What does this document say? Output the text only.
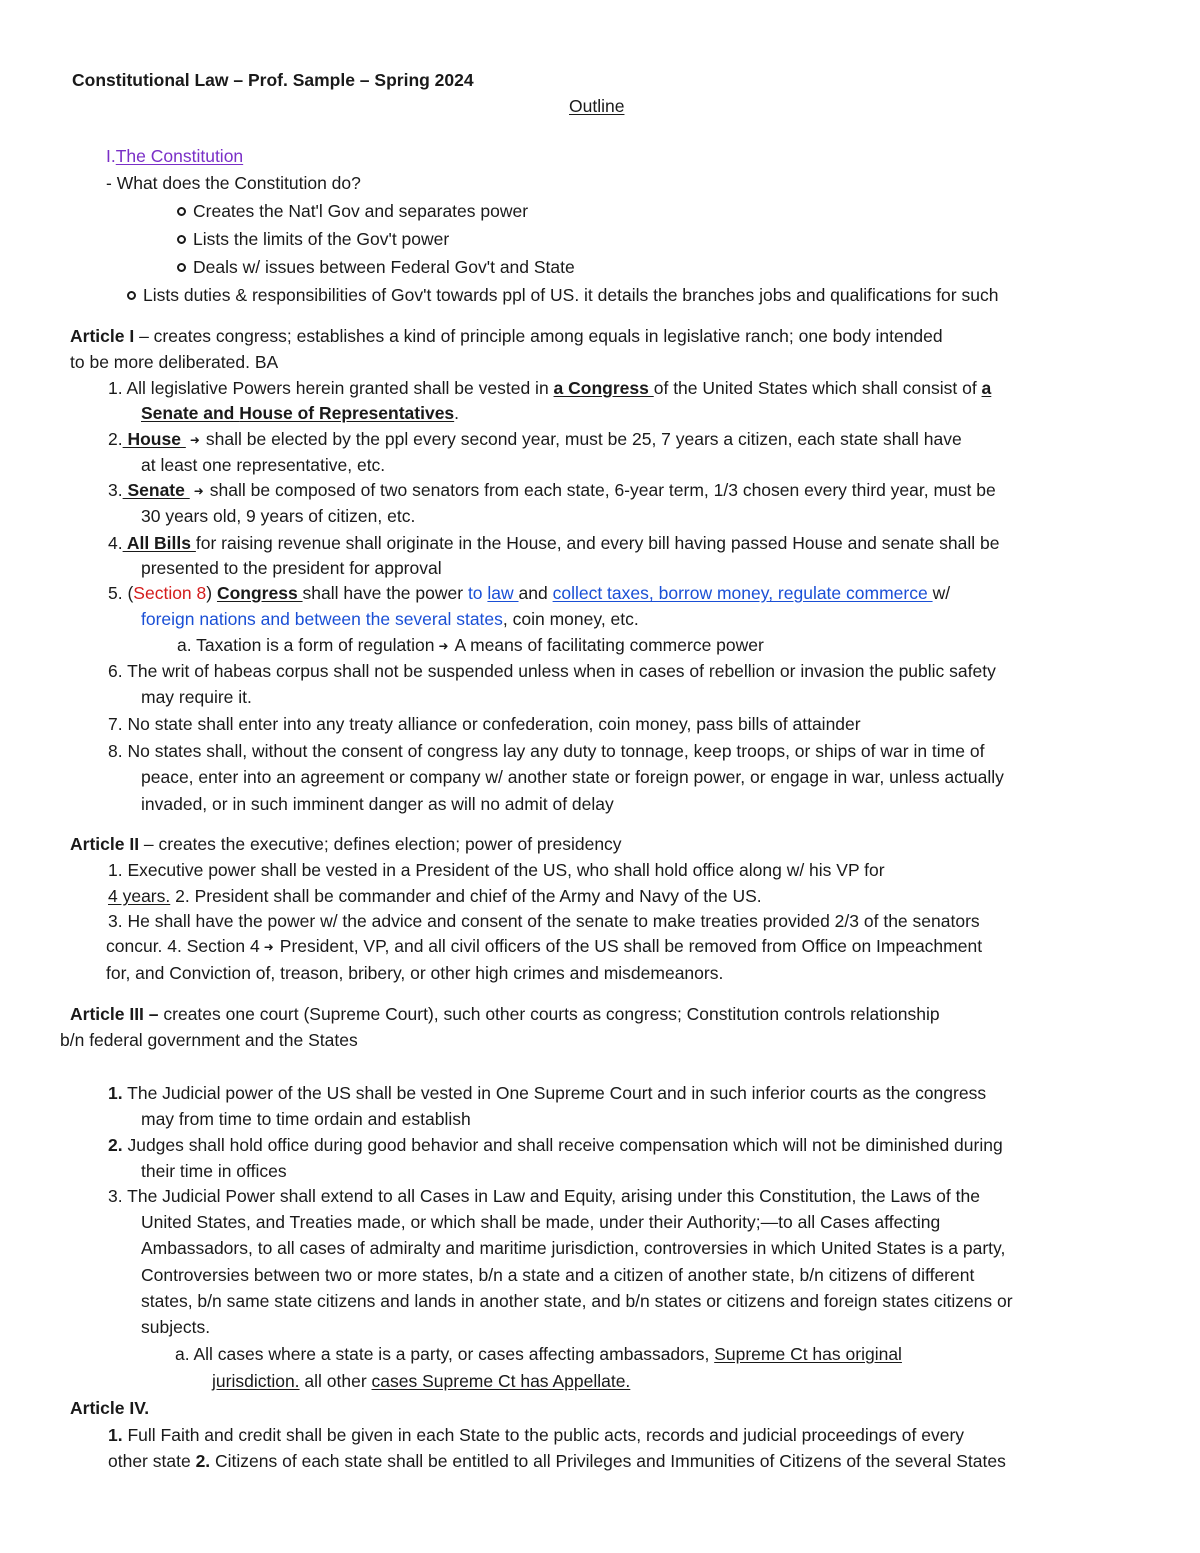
Constitutional Law – Prof. Sample – Spring 2024
Outline
I.The Constitution
- What does the Constitution do?
Creates the Nat'l Gov and separates power
Lists the limits of the Gov't power
Deals w/ issues between Federal Gov't and State
Lists duties & responsibilities of Gov't towards ppl of US. it details the branches jobs and qualifications for such
Article I – creates congress; establishes a kind of principle among equals in legislative ranch; one body intended
to be more deliberated. BA
1. All legislative Powers herein granted shall be vested in a Congress of the United States which shall consist of a
Senate and House of Representatives.
2. House ➜ shall be elected by the ppl every second year, must be 25, 7 years a citizen, each state shall have
at least one representative, etc.
3. Senate ➜ shall be composed of two senators from each state, 6-year term, 1/3 chosen every third year, must be
30 years old, 9 years of citizen, etc.
4. All Bills for raising revenue shall originate in the House, and every bill having passed House and senate shall be
presented to the president for approval
5. (Section 8) Congress shall have the power to law and collect taxes, borrow money, regulate commerce w/
foreign nations and between the several states, coin money, etc.
a. Taxation is a form of regulation ➜ A means of facilitating commerce power
6. The writ of habeas corpus shall not be suspended unless when in cases of rebellion or invasion the public safety
may require it.
7. No state shall enter into any treaty alliance or confederation, coin money, pass bills of attainder
8. No states shall, without the consent of congress lay any duty to tonnage, keep troops, or ships of war in time of
peace, enter into an agreement or company w/ another state or foreign power, or engage in war, unless actually
invaded, or in such imminent danger as will no admit of delay
Article II – creates the executive; defines election; power of presidency
1. Executive power shall be vested in a President of the US, who shall hold office along w/ his VP for
4 years. 2. President shall be commander and chief of the Army and Navy of the US.
3. He shall have the power w/ the advice and consent of the senate to make treaties provided 2/3 of the senators
concur. 4. Section 4 ➜ President, VP, and all civil officers of the US shall be removed from Office on Impeachment
for, and Conviction of, treason, bribery, or other high crimes and misdemeanors.
Article III – creates one court (Supreme Court), such other courts as congress; Constitution controls relationship
b/n federal government and the States
1. The Judicial power of the US shall be vested in One Supreme Court and in such inferior courts as the congress
may from time to time ordain and establish
2. Judges shall hold office during good behavior and shall receive compensation which will not be diminished during
their time in offices
3. The Judicial Power shall extend to all Cases in Law and Equity, arising under this Constitution, the Laws of the
United States, and Treaties made, or which shall be made, under their Authority;—to all Cases affecting
Ambassadors, to all cases of admiralty and maritime jurisdiction, controversies in which United States is a party,
Controversies between two or more states, b/n a state and a citizen of another state, b/n citizens of different
states, b/n same state citizens and lands in another state, and b/n states or citizens and foreign states citizens or
subjects.
a. All cases where a state is a party, or cases affecting ambassadors, Supreme Ct has original
jurisdiction. all other cases Supreme Ct has Appellate.
Article IV.
1. Full Faith and credit shall be given in each State to the public acts, records and judicial proceedings of every
other state 2. Citizens of each state shall be entitled to all Privileges and Immunities of Citizens of the several States
